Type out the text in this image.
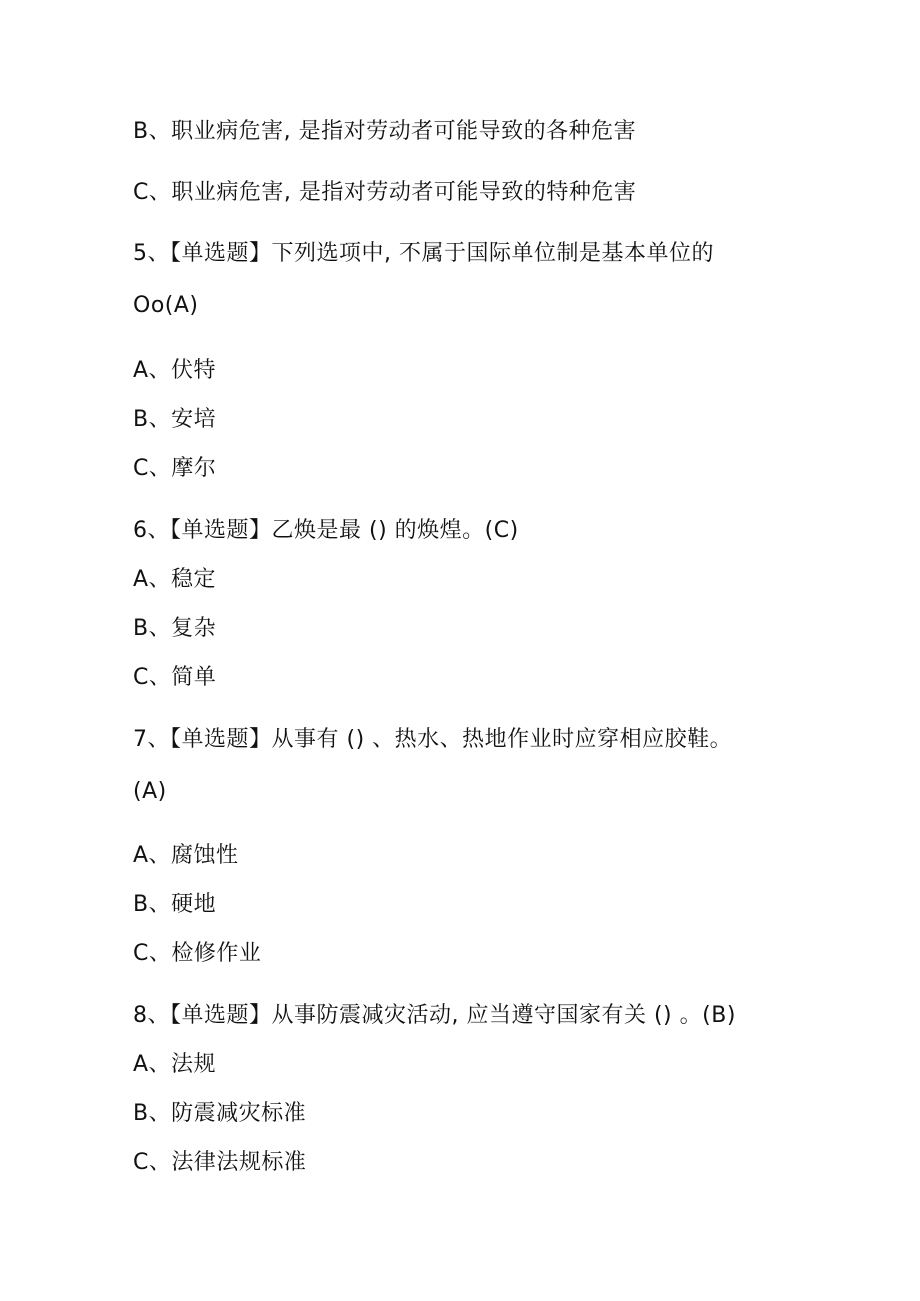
B、职业病危害, 是指对劳动者可能导致的各种危害
C、职业病危害, 是指对劳动者可能导致的特种危害
5、【单选题】下列选项中, 不属于国际单位制是基本单位的
Oo(A)
A、伏特
B、安培
C、摩尔
6、【单选题】乙焕是最 () 的焕煌。(C)
A、稳定
B、复杂
C、简单
7、【单选题】从事有 () 、热水、热地作业时应穿相应胶鞋。
(A)
A、腐蚀性
B、硬地
C、检修作业
8、【单选题】从事防震减灾活动, 应当遵守国家有关 () 。(B)
A、法规
B、防震减灾标准
C、法律法规标准
